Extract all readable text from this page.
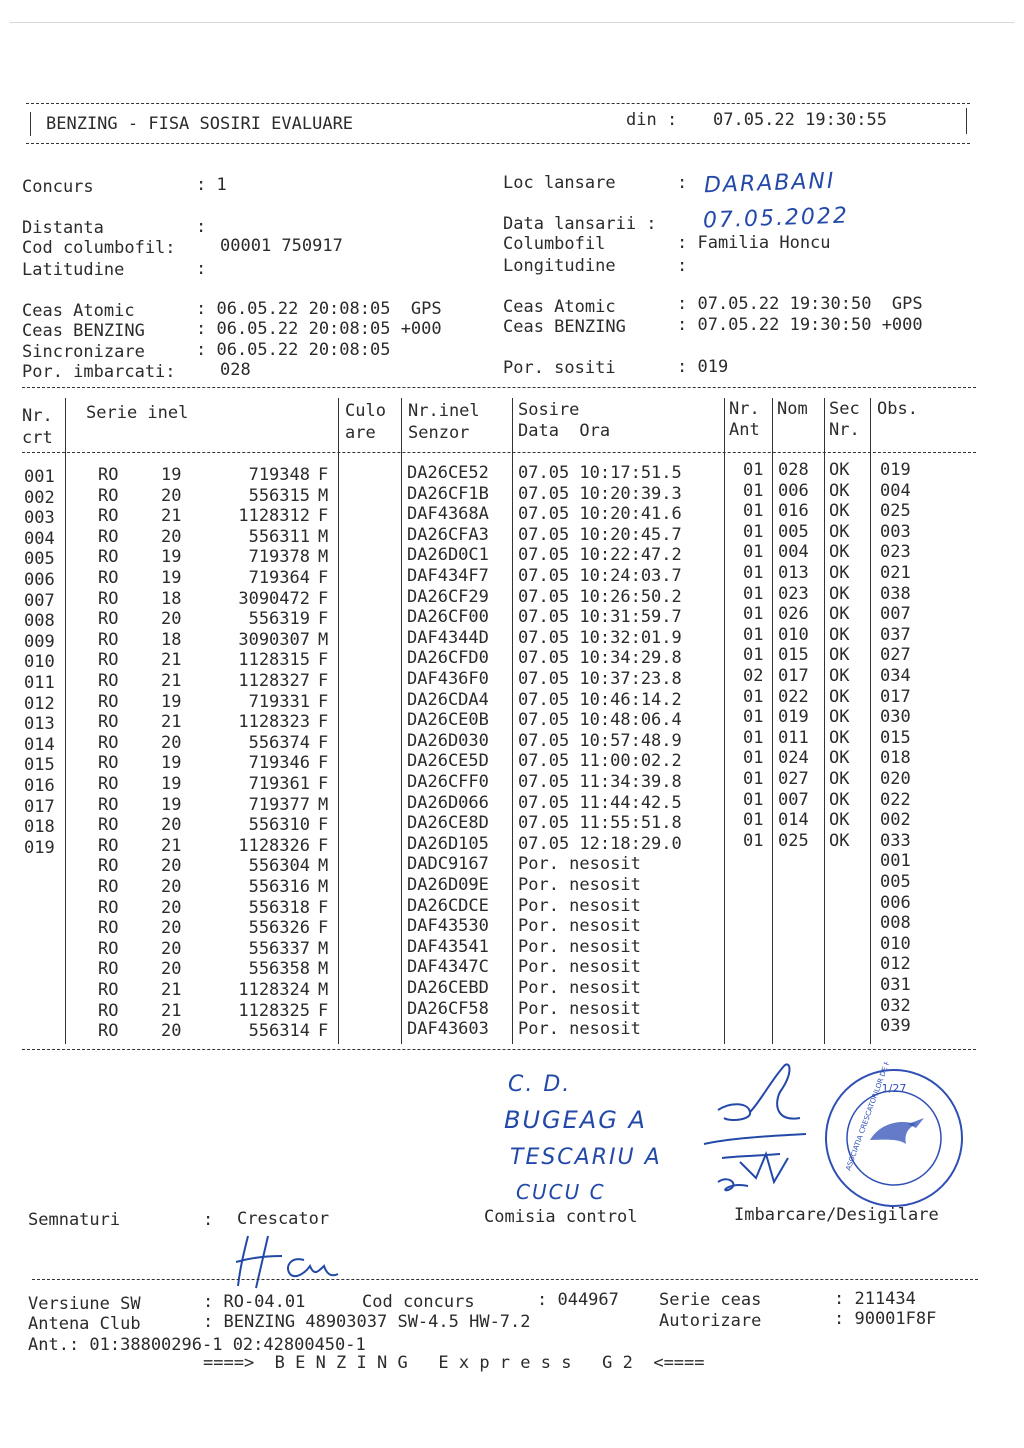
BENZING - FISA SOSIRI EVALUARE	din : 07.05.22 19:30:55
Concurs	: 1
Distanta	:
Cod columbofil:	00001 750917
Latitudine	:
Loc lansare	: DARABANI
Data lansarii : 07.05.2022
Columbofil	: Familia Honcu
Longitudine	:
Ceas Atomic	: 06.05.22 20:08:05  GPS
Ceas BENZING	: 06.05.22 20:08:05 +000
Sincronizare	: 06.05.22 20:08:05
Por. imbarcati:	028
Ceas Atomic	: 07.05.22 19:30:50  GPS
Ceas BENZING	: 07.05.22 19:30:50 +000
Por. sositi	: 019
Nr.
crt
Serie inel	Culo
are
Nr.inel
Senzor
Sosire
Data  Ora
Nr.
Ant
Nom Sec
Nr.
Obs.
001	RO	19	719348 F	DA26CE52 07.05 10:17:51.5	01 028 OK 019
002	RO	20	556315 M	DA26CF1B 07.05 10:20:39.3	01 006 OK 004
003	RO	21	1128312 F	DAF4368A 07.05 10:20:41.6	01 016 OK 025
004	RO	20	556311 M	DA26CFA3 07.05 10:20:45.7	01 005 OK 003
005	RO	19	719378 M	DA26D0C1 07.05 10:22:47.2	01 004 OK 023
006	RO	19	719364 F	DAF434F7 07.05 10:24:03.7	01 013 OK 021
007	RO	18	3090472 F	DA26CF29 07.05 10:26:50.2	01 023 OK 038
008	RO	20	556319 F	DA26CF00 07.05 10:31:59.7	01 026 OK 007
009	RO	18	3090307 M	DAF4344D 07.05 10:32:01.9	01 010 OK 037
010	RO	21	1128315 F	DA26CFD0 07.05 10:34:29.8	01 015 OK 027
011	RO	21	1128327 F	DAF436F0 07.05 10:37:23.8	02 017 OK 034
012	RO	19	719331 F	DA26CDA4 07.05 10:46:14.2	01 022 OK 017
013	RO	21	1128323 F	DA26CE0B 07.05 10:48:06.4	01 019 OK 030
014	RO	20	556374 F	DA26D030 07.05 10:57:48.9	01 011 OK 015
015	RO	19	719346 F	DA26CE5D 07.05 11:00:02.2	01 024 OK 018
016	RO	19	719361 F	DA26CFF0 07.05 11:34:39.8	01 027 OK 020
017	RO	19	719377 M	DA26D066 07.05 11:44:42.5	01 007 OK 022
018	RO	20	556310 F	DA26CE8D 07.05 11:55:51.8	01 014 OK 002
019	RO	21	1128326 F	DA26D105 07.05 12:18:29.0	01 025 OK 033
RO	20	556304 M	DADC9167 Por. nesosit	001
RO	20	556316 M	DA26D09E Por. nesosit	005
RO	20	556318 F	DA26CDCE Por. nesosit	006
RO	20	556326 F	DAF43530 Por. nesosit	008
RO	20	556337 M	DAF43541 Por. nesosit	010
RO	20	556358 M	DAF4347C Por. nesosit	012
RO	21	1128324 M	DA26CEBD Por. nesosit	031
RO	21	1128325 F	DA26CF58 Por. nesosit	032
RO	20	556314 F	DAF43603 Por. nesosit	039
C. D.
BUGEAG A
TESCARIU A
CUCU C
1/27
Semnaturi	: Crescator	Comisia control	Imbarcare/Desigilare
Versiune SW	: RO-04.01	Cod concurs	: 044967 Serie ceas	: 211434
Antena Club	: BENZING 48903037 SW-4.5 HW-7.2	Autorizare	: 90001F8F
Ant.: 01:38800296-1 02:42800450-1
====>  B E N Z I N G   E x p r e s s   G 2  <====
